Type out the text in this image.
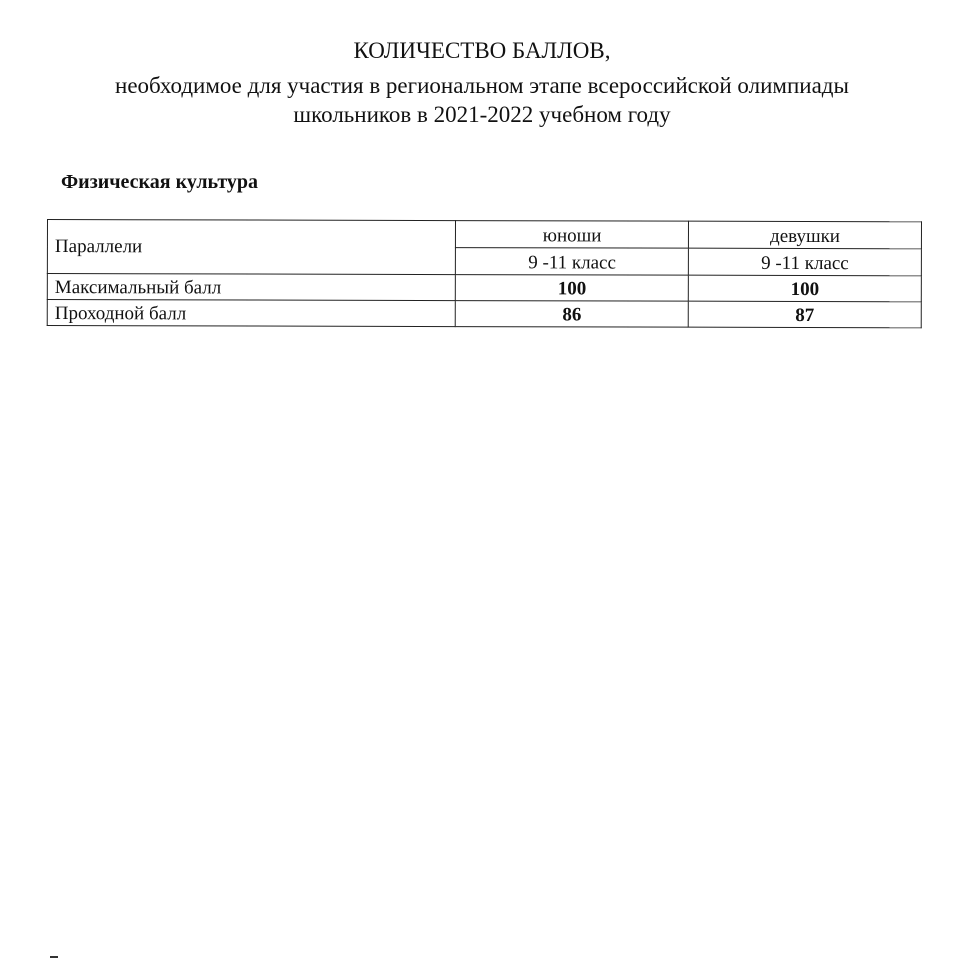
КОЛИЧЕСТВО БАЛЛОВ,
необходимое для участия в региональном этапе всероссийской олимпиады
школьников в 2021-2022 учебном году
Физическая культура
Параллели	юноши	девушки
	9 -11 класс	9 -11 класс
Максимальный балл	100	100
Проходной балл	86	87
